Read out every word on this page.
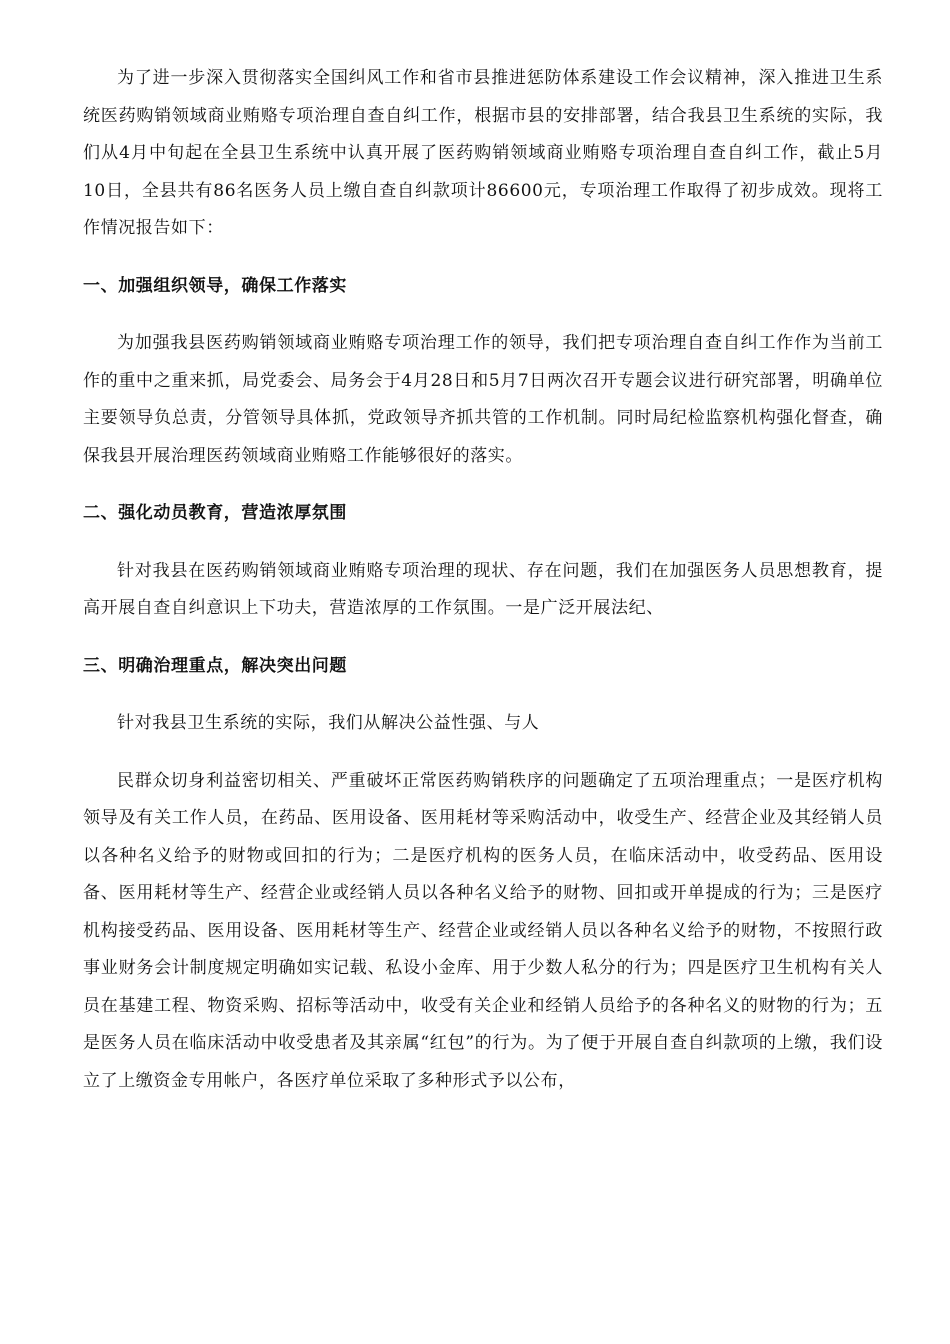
为了进一步深入贯彻落实全国纠风工作和省市县推进惩防体系建设工作会议精神，深入推进卫生系统医药购销领域商业贿赂专项治理自查自纠工作，根据市县的安排部署，结合我县卫生系统的实际，我们从4月中旬起在全县卫生系统中认真开展了医药购销领域商业贿赂专项治理自查自纠工作，截止5月10日，全县共有86名医务人员上缴自查自纠款项计86600元，专项治理工作取得了初步成效。现将工作情况报告如下：

一、加强组织领导，确保工作落实

为加强我县医药购销领域商业贿赂专项治理工作的领导，我们把专项治理自查自纠工作作为当前工作的重中之重来抓，局党委会、局务会于4月28日和5月7日两次召开专题会议进行研究部署，明确单位主要领导负总责，分管领导具体抓，党政领导齐抓共管的工作机制。同时局纪检监察机构强化督查，确保我县开展治理医药领域商业贿赂工作能够很好的落实。

二、强化动员教育，营造浓厚氛围

针对我县在医药购销领域商业贿赂专项治理的现状、存在问题，我们在加强医务人员思想教育，提高开展自查自纠意识上下功夫，营造浓厚的工作氛围。一是广泛开展法纪、

三、明确治理重点，解决突出问题

针对我县卫生系统的实际，我们从解决公益性强、与人

民群众切身利益密切相关、严重破坏正常医药购销秩序的问题确定了五项治理重点；一是医疗机构领导及有关工作人员，在药品、医用设备、医用耗材等采购活动中，收受生产、经营企业及其经销人员以各种名义给予的财物或回扣的行为；二是医疗机构的医务人员，在临床活动中，收受药品、医用设备、医用耗材等生产、经营企业或经销人员以各种名义给予的财物、回扣或开单提成的行为；三是医疗机构接受药品、医用设备、医用耗材等生产、经营企业或经销人员以各种名义给予的财物，不按照行政事业财务会计制度规定明确如实记载、私设小金库、用于少数人私分的行为；四是医疗卫生机构有关人员在基建工程、物资采购、招标等活动中，收受有关企业和经销人员给予的各种名义的财物的行为；五是医务人员在临床活动中收受患者及其亲属“红包”的行为。为了便于开展自查自纠款项的上缴，我们设立了上缴资金专用帐户，各医疗单位采取了多种形式予以公布，
